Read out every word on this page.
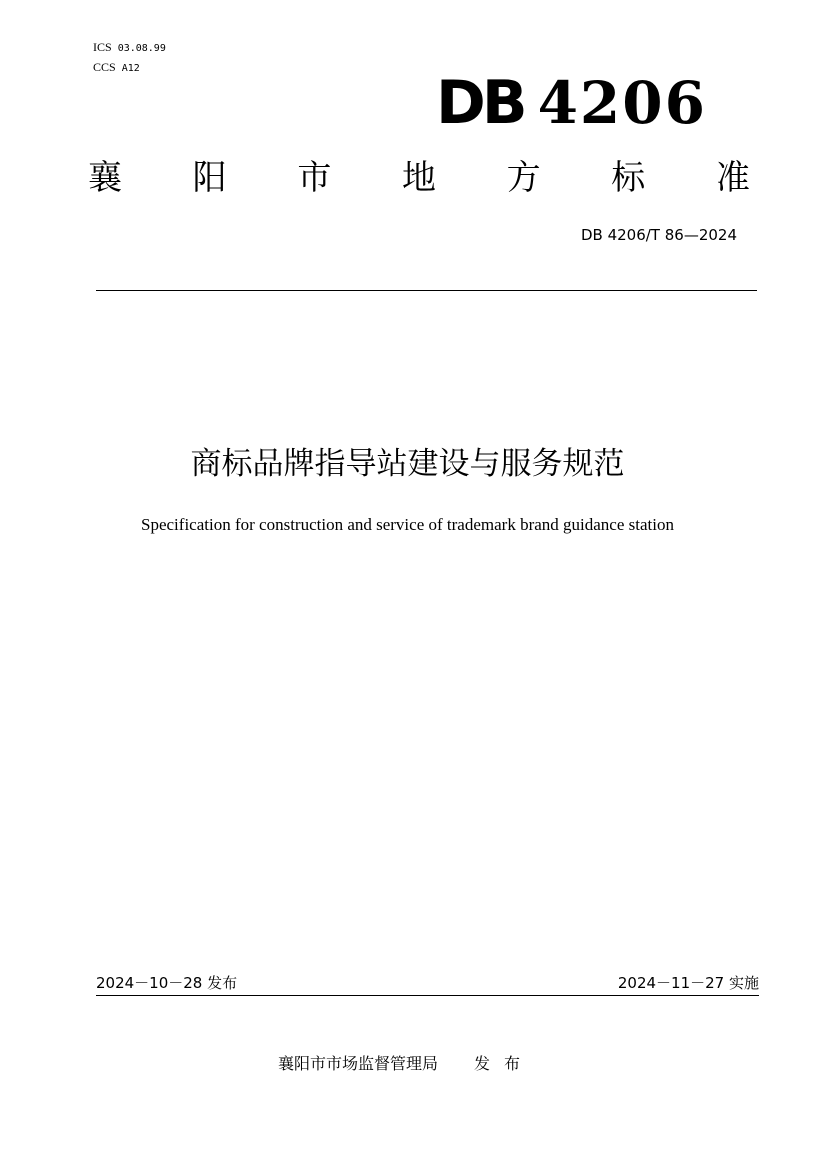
ICS 03.08.99
CCS A12	DB 4206
襄 阳 市 地 方 标 准
DB 4206/T 86—2024
商标品牌指导站建设与服务规范
Specification for construction and service of trademark brand guidance station
2024－10－28 发布	2024－11－27 实施
襄阳市市场监督管理局 发布
